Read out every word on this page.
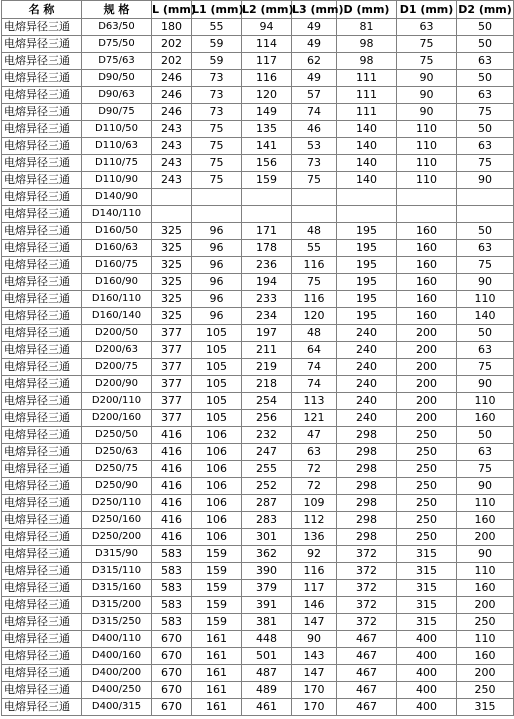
名 称	规 格	L (mm)	L1 (mm)	L2 (mm)	L3 (mm)	D (mm)	D1 (mm)	D2 (mm)
电熔异径三通	D63/50	180	55	94	49	81	63	50
电熔异径三通	D75/50	202	59	114	49	98	75	50
电熔异径三通	D75/63	202	59	117	62	98	75	63
电熔异径三通	D90/50	246	73	116	49	111	90	50
电熔异径三通	D90/63	246	73	120	57	111	90	63
电熔异径三通	D90/75	246	73	149	74	111	90	75
电熔异径三通	D110/50	243	75	135	46	140	110	50
电熔异径三通	D110/63	243	75	141	53	140	110	63
电熔异径三通	D110/75	243	75	156	73	140	110	75
电熔异径三通	D110/90	243	75	159	75	140	110	90
电熔异径三通	D140/90							
电熔异径三通	D140/110							
电熔异径三通	D160/50	325	96	171	48	195	160	50
电熔异径三通	D160/63	325	96	178	55	195	160	63
电熔异径三通	D160/75	325	96	236	116	195	160	75
电熔异径三通	D160/90	325	96	194	75	195	160	90
电熔异径三通	D160/110	325	96	233	116	195	160	110
电熔异径三通	D160/140	325	96	234	120	195	160	140
电熔异径三通	D200/50	377	105	197	48	240	200	50
电熔异径三通	D200/63	377	105	211	64	240	200	63
电熔异径三通	D200/75	377	105	219	74	240	200	75
电熔异径三通	D200/90	377	105	218	74	240	200	90
电熔异径三通	D200/110	377	105	254	113	240	200	110
电熔异径三通	D200/160	377	105	256	121	240	200	160
电熔异径三通	D250/50	416	106	232	47	298	250	50
电熔异径三通	D250/63	416	106	247	63	298	250	63
电熔异径三通	D250/75	416	106	255	72	298	250	75
电熔异径三通	D250/90	416	106	252	72	298	250	90
电熔异径三通	D250/110	416	106	287	109	298	250	110
电熔异径三通	D250/160	416	106	283	112	298	250	160
电熔异径三通	D250/200	416	106	301	136	298	250	200
电熔异径三通	D315/90	583	159	362	92	372	315	90
电熔异径三通	D315/110	583	159	390	116	372	315	110
电熔异径三通	D315/160	583	159	379	117	372	315	160
电熔异径三通	D315/200	583	159	391	146	372	315	200
电熔异径三通	D315/250	583	159	381	147	372	315	250
电熔异径三通	D400/110	670	161	448	90	467	400	110
电熔异径三通	D400/160	670	161	501	143	467	400	160
电熔异径三通	D400/200	670	161	487	147	467	400	200
电熔异径三通	D400/250	670	161	489	170	467	400	250
电熔异径三通	D400/315	670	161	461	170	467	400	315
